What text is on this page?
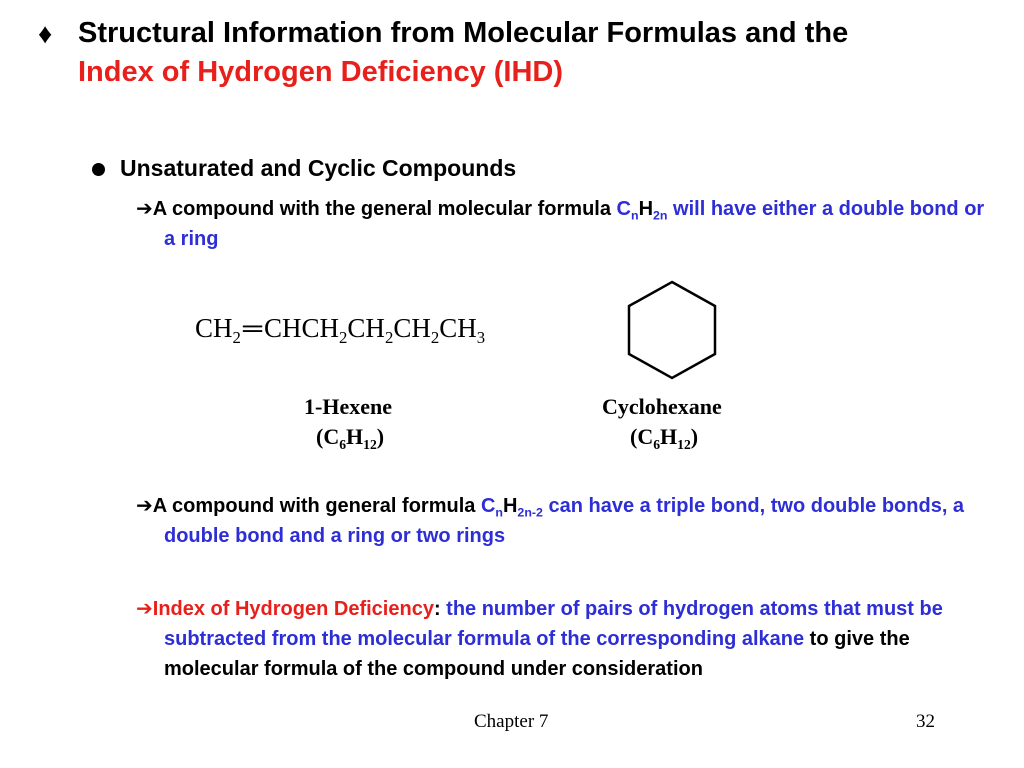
♦ Structural Information from Molecular Formulas and the
Index of Hydrogen Deficiency (IHD)
Unsaturated and Cyclic Compounds
➔A compound with the general molecular formula $C_nH_{2n}$ will have either a double bond or a ring
$CH_2═CHCH_2CH_2CH_2CH_3$
1-Hexene
$(C_6H_{12})$
Cyclohexane
$(C_6H_{12})$
➔A compound with general formula $C_nH_{2n-2}$ can have a triple bond, two double bonds, a double bond and a ring or two rings
➔Index of Hydrogen Deficiency: the number of pairs of hydrogen atoms that must be subtracted from the molecular formula of the corresponding alkane to give the molecular formula of the compound under consideration
Chapter 7	32
